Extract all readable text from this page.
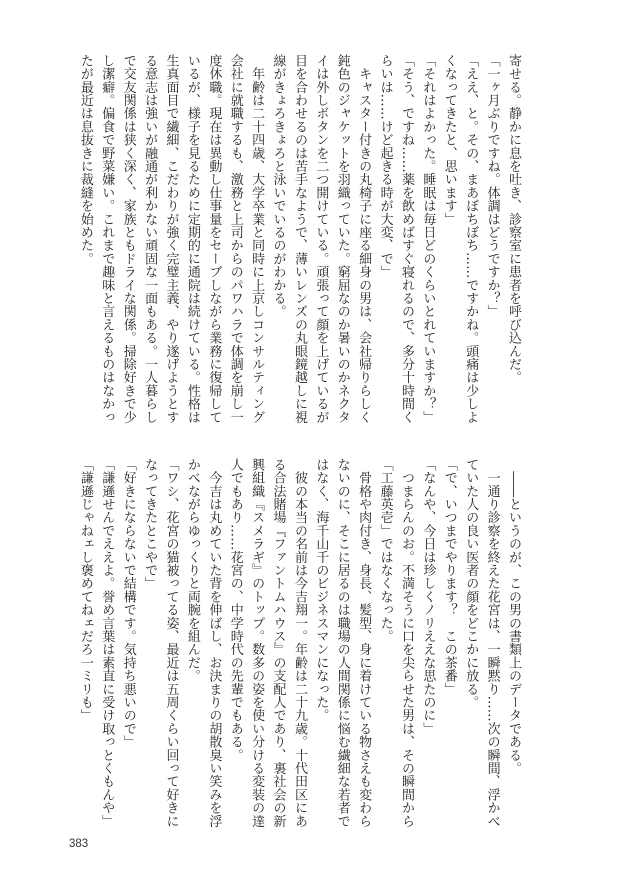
寄せる。静かに息を吐き、診察室に患者を呼び込んだ。
「一ヶ月ぶりですね。体調はどうですか？」
「ええ、と。その、まあぼちぼち……ですかね。頭痛は少しよ
くなってきたと、思います」
「それはよかった。睡眠は毎日どのくらいとれていますか？」
「そう、ですね……薬を飲めばすぐ寝れるので、多分十時間く
らいは……けど起きる時が大変、で」
　キャスター付きの丸椅子に座る細身の男は、会社帰りらしく
鈍色のジャケットを羽織っていた。窮屈なのか暑いのかネクタ
イは外しボタンを二つ開けている。頑張って顔を上げているが
目を合わせるのは苦手なようで、薄いレンズの丸眼鏡越しに視
線がきょろきょろと泳いでいるのがわかる。
　年齢は二十四歳、大学卒業と同時に上京しコンサルティング
会社に就職するも、激務と上司からのパワハラで体調を崩し一
度休職。現在は異動し仕事量をセーブしながら業務に復帰して
いるが、様子を見るために定期的に通院は続けている。性格は
生真面目で繊細、こだわりが強く完璧主義、やり遂げようとす
る意志は強いが融通が利かない頑固な一面もある。一人暮らし
で交友関係は狭く深く、家族ともドライな関係。掃除好きで少
し潔癖。偏食で野菜嫌い。これまで趣味と言えるものはなかっ
たが最近は息抜きに裁縫を始めた。
　――というのが、この男の書類上のデータである。
　一通り診察を終えた花宮は、一瞬黙り……次の瞬間、浮かべ
ていた人の良い医者の顔をどこかに放る。
「で、いつまでやります？　この茶番」
「なんや、今日は珍しくノリええな思たのに」
　つまらんのお。不満そうに口を尖らせた男は、その瞬間から
「工藤英壱」ではなくなった。
　骨格や肉付き、身長、髪型、身に着けている物さえも変わら
ないのに、そこに居るのは職場の人間関係に悩む繊細な若者で
はなく、海千山千のビジネスマンになった。
　彼の本当の名前は今吉翔一。年齢は二十九歳。十代田区にあ
る合法賭場『ファントムハウス』の支配人であり、裏社会の新
興組織『スメラギ』のトップ。数多の姿を使い分ける変装の達
人でもあり……花宮の、中学時代の先輩でもある。
　今吉は丸めていた背を伸ばし、お決まりの胡散臭い笑みを浮
かべながらゆっくりと両腕を組んだ。
「ワシ、花宮の猫被ってる姿、最近は五周くらい回って好きに
なってきたとこやで」
「好きにならないで結構です。気持ち悪いので」
「謙遜せんでええよ。誉め言葉は素直に受け取っとくもんや」
「謙遜じゃねェし褒めてねェだろ一ミリも」
383
